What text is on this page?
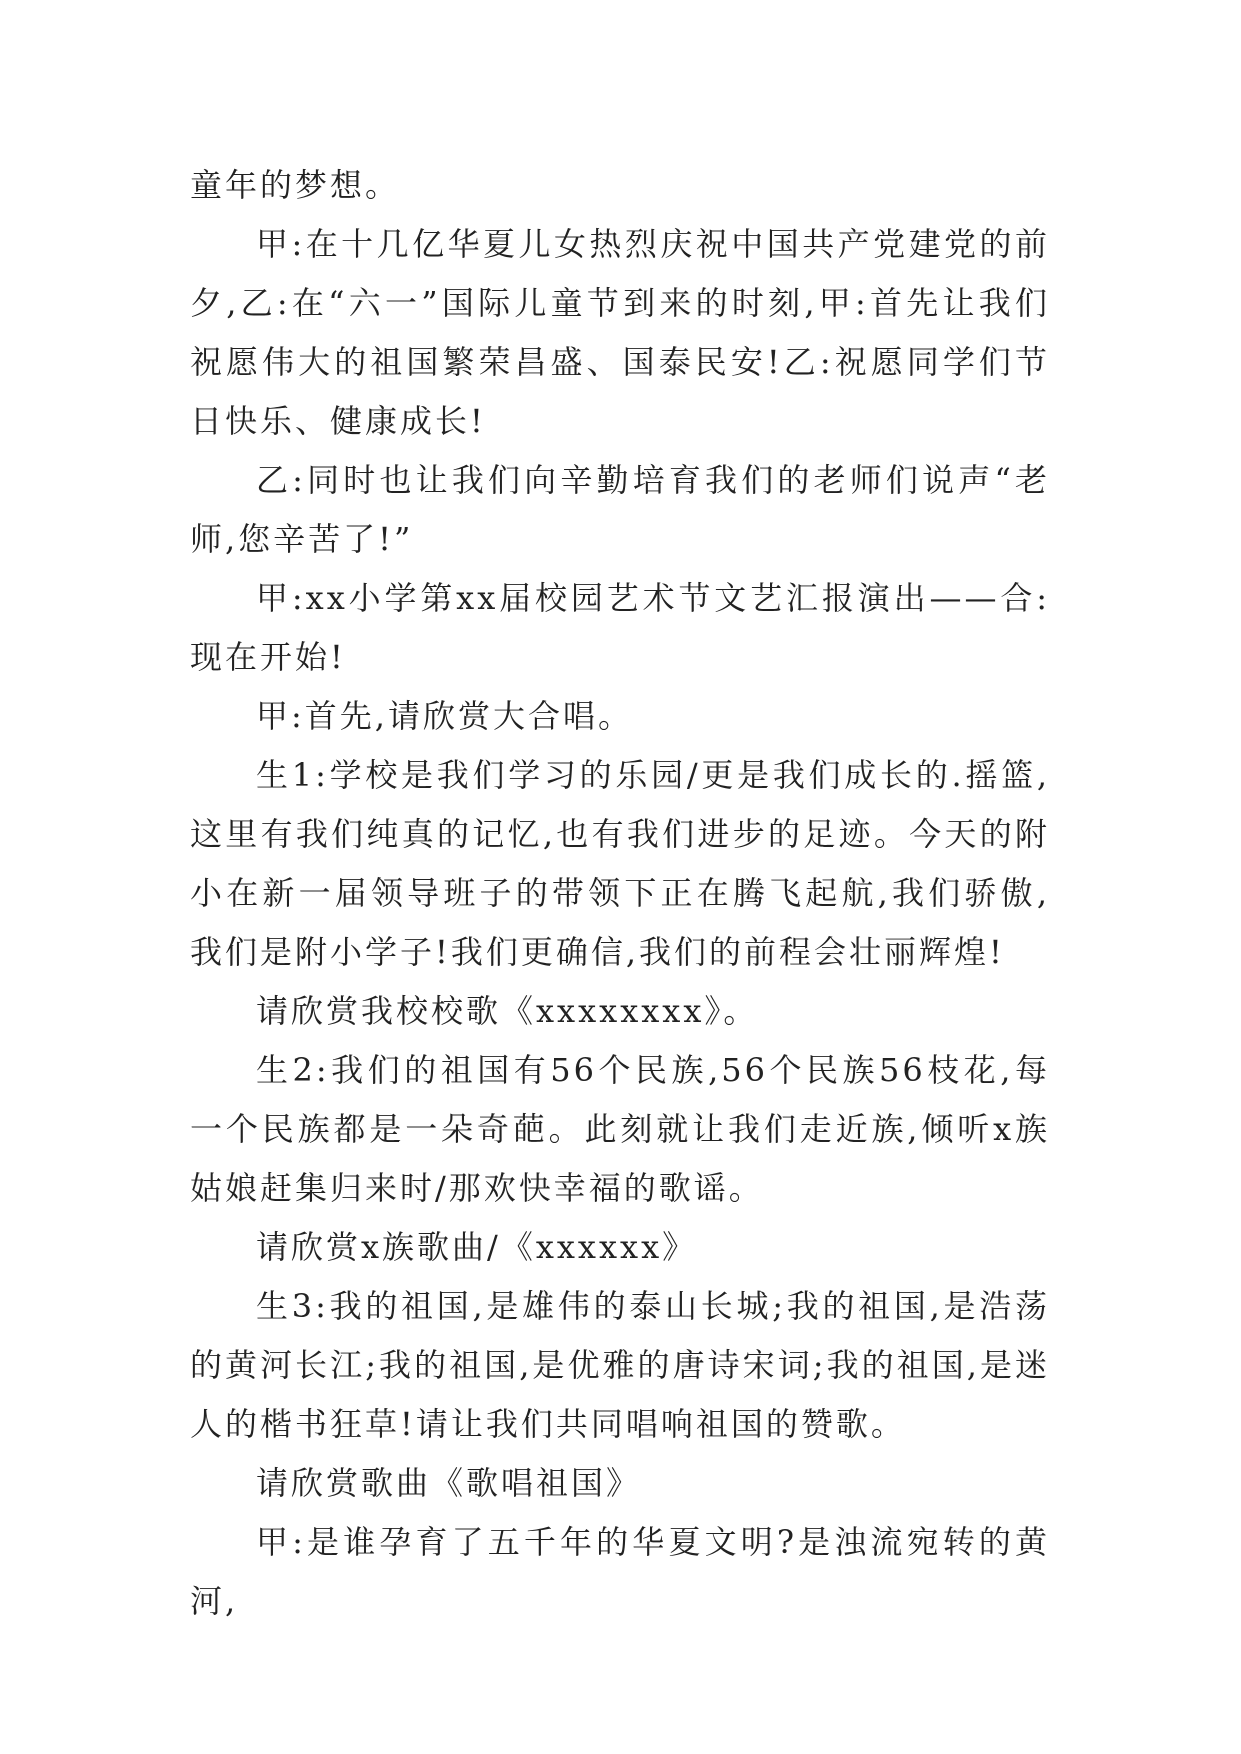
童年的梦想。

甲:在十几亿华夏儿女热烈庆祝中国共产党建党的前夕,乙:在“六一”国际儿童节到来的时刻,甲:首先让我们祝愿伟大的祖国繁荣昌盛、国泰民安!乙:祝愿同学们节日快乐、健康成长!

乙:同时也让我们向辛勤培育我们的老师们说声“老师,您辛苦了!”

甲:xx小学第xx届校园艺术节文艺汇报演出——合:现在开始!

甲:首先,请欣赏大合唱。

生1:学校是我们学习的乐园/更是我们成长的.摇篮,这里有我们纯真的记忆,也有我们进步的足迹。今天的附小在新一届领导班子的带领下正在腾飞起航,我们骄傲,我们是附小学子!我们更确信,我们的前程会壮丽辉煌!

请欣赏我校校歌《xxxxxxxx》。

生2:我们的祖国有56个民族,56个民族56枝花,每一个民族都是一朵奇葩。此刻就让我们走近族,倾听x族姑娘赶集归来时/那欢快幸福的歌谣。

请欣赏x族歌曲/《xxxxxx》

生3:我的祖国,是雄伟的泰山长城;我的祖国,是浩荡的黄河长江;我的祖国,是优雅的唐诗宋词;我的祖国,是迷人的楷书狂草!请让我们共同唱响祖国的赞歌。

请欣赏歌曲《歌唱祖国》

甲:是谁孕育了五千年的华夏文明?是浊流宛转的黄河,
